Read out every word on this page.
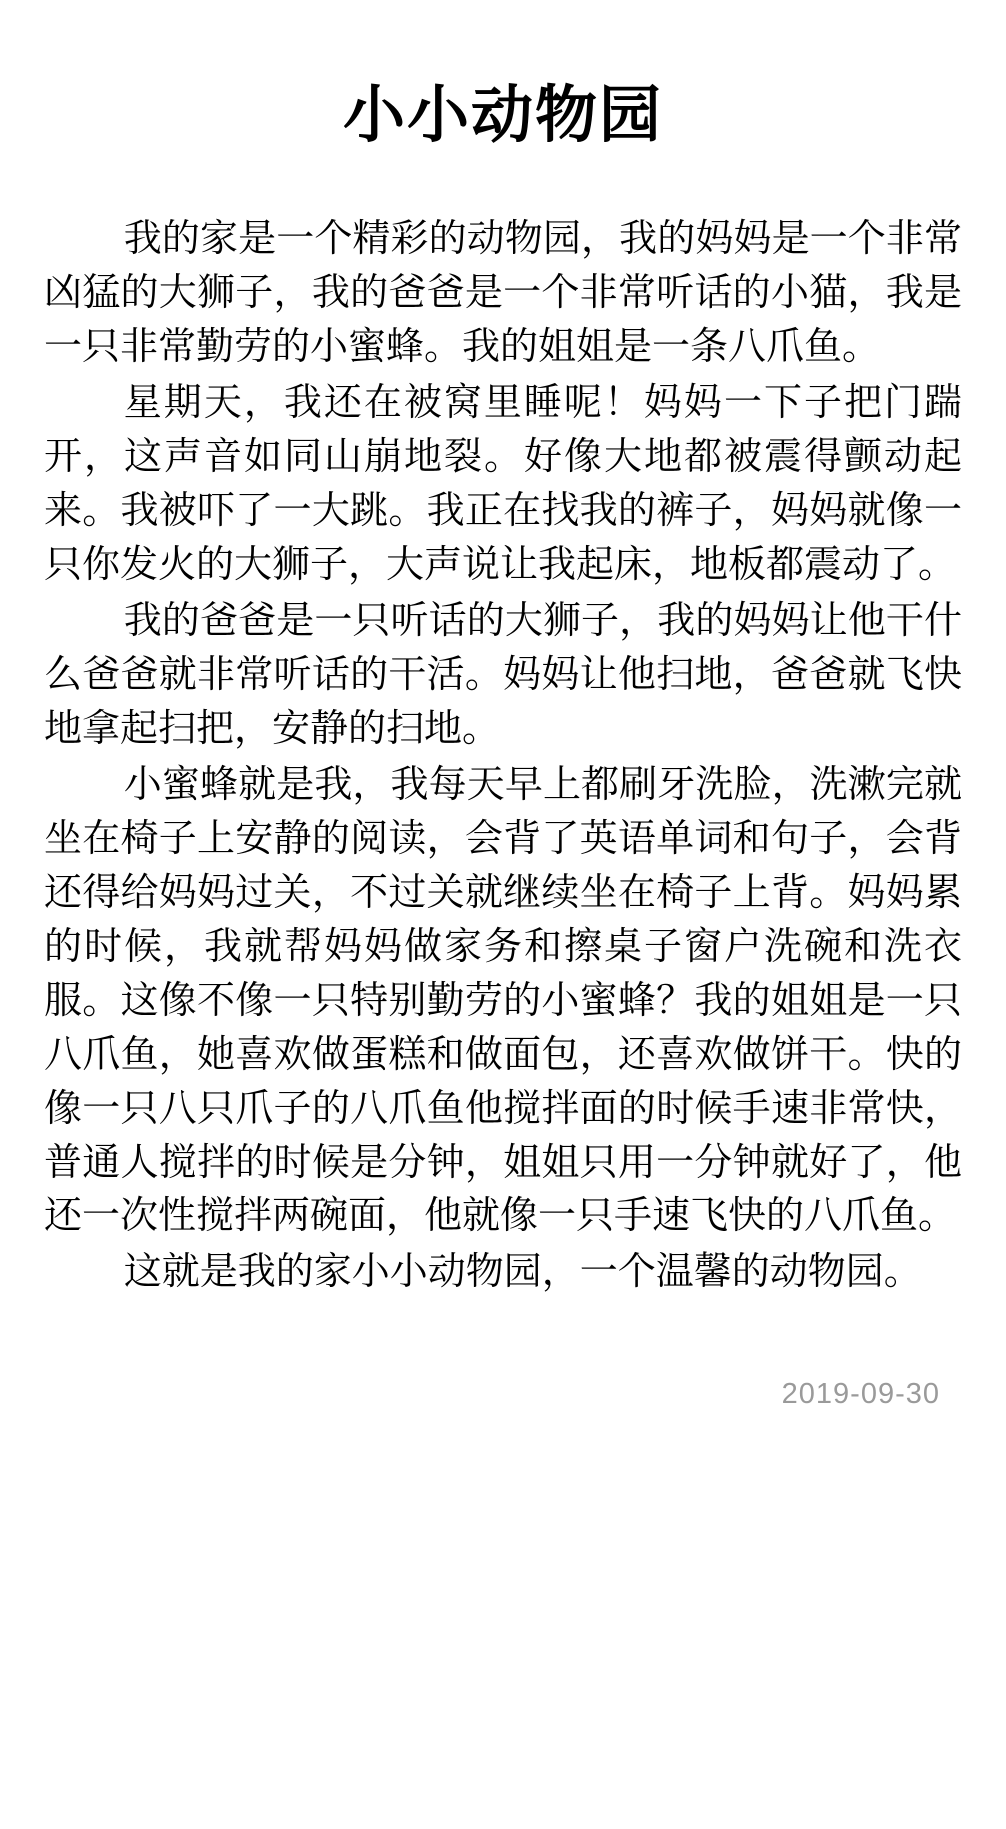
小小动物园

我的家是一个精彩的动物园，我的妈妈是一个非常凶猛的大狮子，我的爸爸是一个非常听话的小猫，我是一只非常勤劳的小蜜蜂。我的姐姐是一条八爪鱼。

星期天，我还在被窝里睡呢！妈妈一下子把门踹开，这声音如同山崩地裂。好像大地都被震得颤动起来。我被吓了一大跳。我正在找我的裤子，妈妈就像一只你发火的大狮子，大声说让我起床，地板都震动了。

我的爸爸是一只听话的大狮子，我的妈妈让他干什么爸爸就非常听话的干活。妈妈让他扫地，爸爸就飞快地拿起扫把，安静的扫地。

小蜜蜂就是我，我每天早上都刷牙洗脸，洗漱完就坐在椅子上安静的阅读，会背了英语单词和句子，会背还得给妈妈过关，不过关就继续坐在椅子上背。妈妈累的时候，我就帮妈妈做家务和擦桌子窗户洗碗和洗衣服。这像不像一只特别勤劳的小蜜蜂？我的姐姐是一只八爪鱼，她喜欢做蛋糕和做面包，还喜欢做饼干。快的像一只八只爪子的八爪鱼他搅拌面的时候手速非常快，普通人搅拌的时候是分钟，姐姐只用一分钟就好了，他还一次性搅拌两碗面，他就像一只手速飞快的八爪鱼。

这就是我的家小小动物园，一个温馨的动物园。

2019-09-30
